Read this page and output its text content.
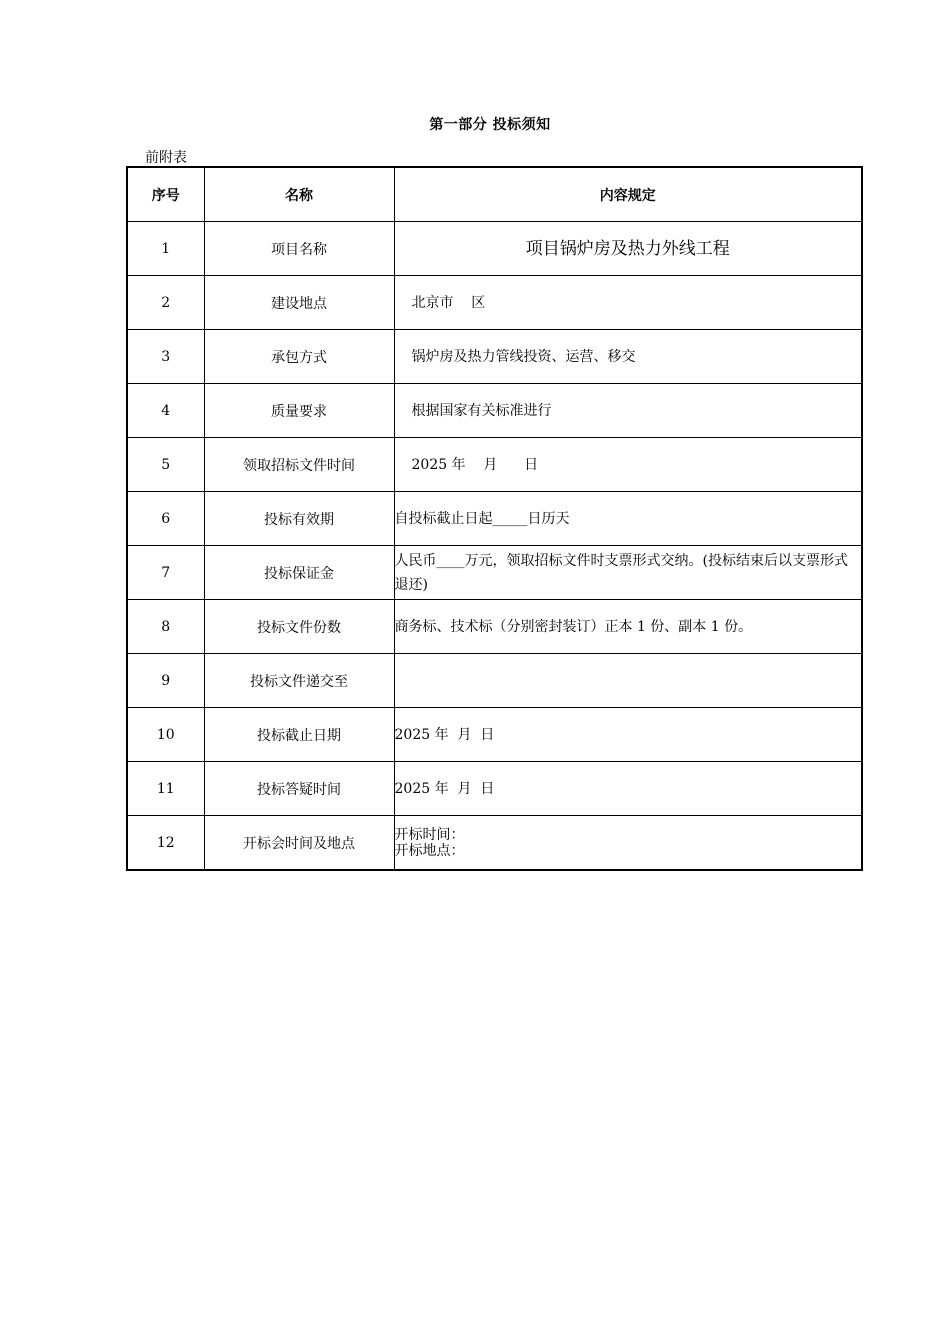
第一部分 投标须知
前附表
序号	名称	内容规定
1	项目名称	项目锅炉房及热力外线工程
2	建设地点	北京市    区
3	承包方式	锅炉房及热力管线投资、运营、移交
4	质量要求	根据国家有关标准进行
5	领取招标文件时间	2025 年    月      日
6	投标有效期	自投标截止日起_____日历天
7	投标保证金	人民币____万元，领取招标文件时支票形式交纳。(投标结束后以支票形式退还)
8	投标文件份数	商务标、技术标（分别密封装订）正本 1 份、副本 1 份。
9	投标文件递交至	
10	投标截止日期	2025 年  月  日
11	投标答疑时间	2025 年  月  日
12	开标会时间及地点	开标时间：
开标地点：
